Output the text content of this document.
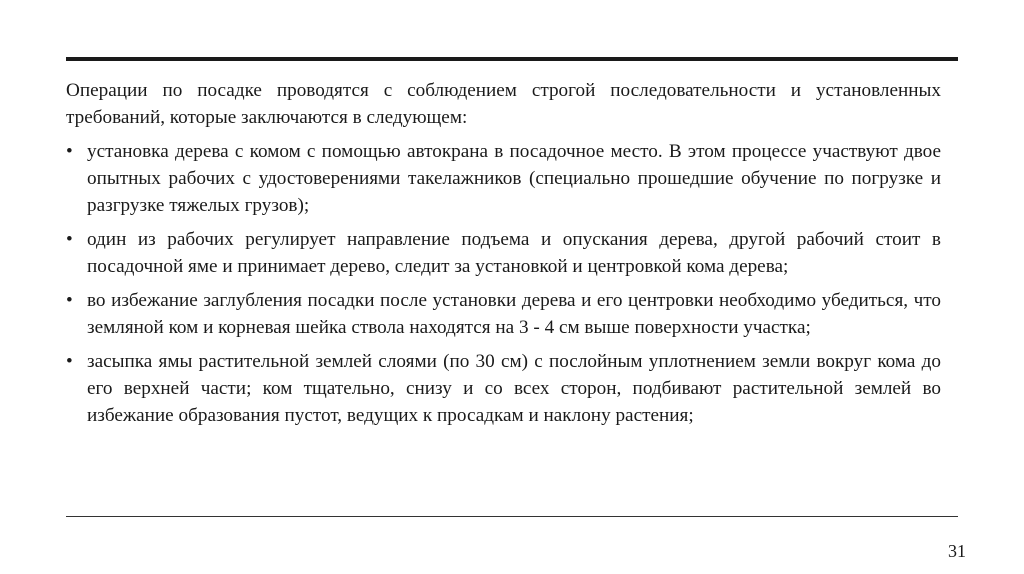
Операции по посадке проводятся с соблюдением строгой последовательности и установленных требований, которые заключаются в следующем:

• установка дерева с комом с помощью автокрана в посадочное место. В этом процессе участвуют двое опытных рабочих с удостоверениями такелажников (специально прошедшие обучение по погрузке и разгрузке тяжелых грузов);
• один из рабочих регулирует направление подъема и опускания дерева, другой рабочий стоит в посадочной яме и принимает дерево, следит за установкой и центровкой кома дерева;
• во избежание заглубления посадки после установки дерева и его центровки необходимо убедиться, что земляной ком и корневая шейка ствола находятся на 3 - 4 см выше поверхности участка;
• засыпка ямы растительной землей слоями (по 30 см) с послойным уплотнением земли вокруг кома до его верхней части; ком тщательно, снизу и со всех сторон, подбивают растительной землей во избежание образования пустот, ведущих к просадкам и наклону растения;
31
